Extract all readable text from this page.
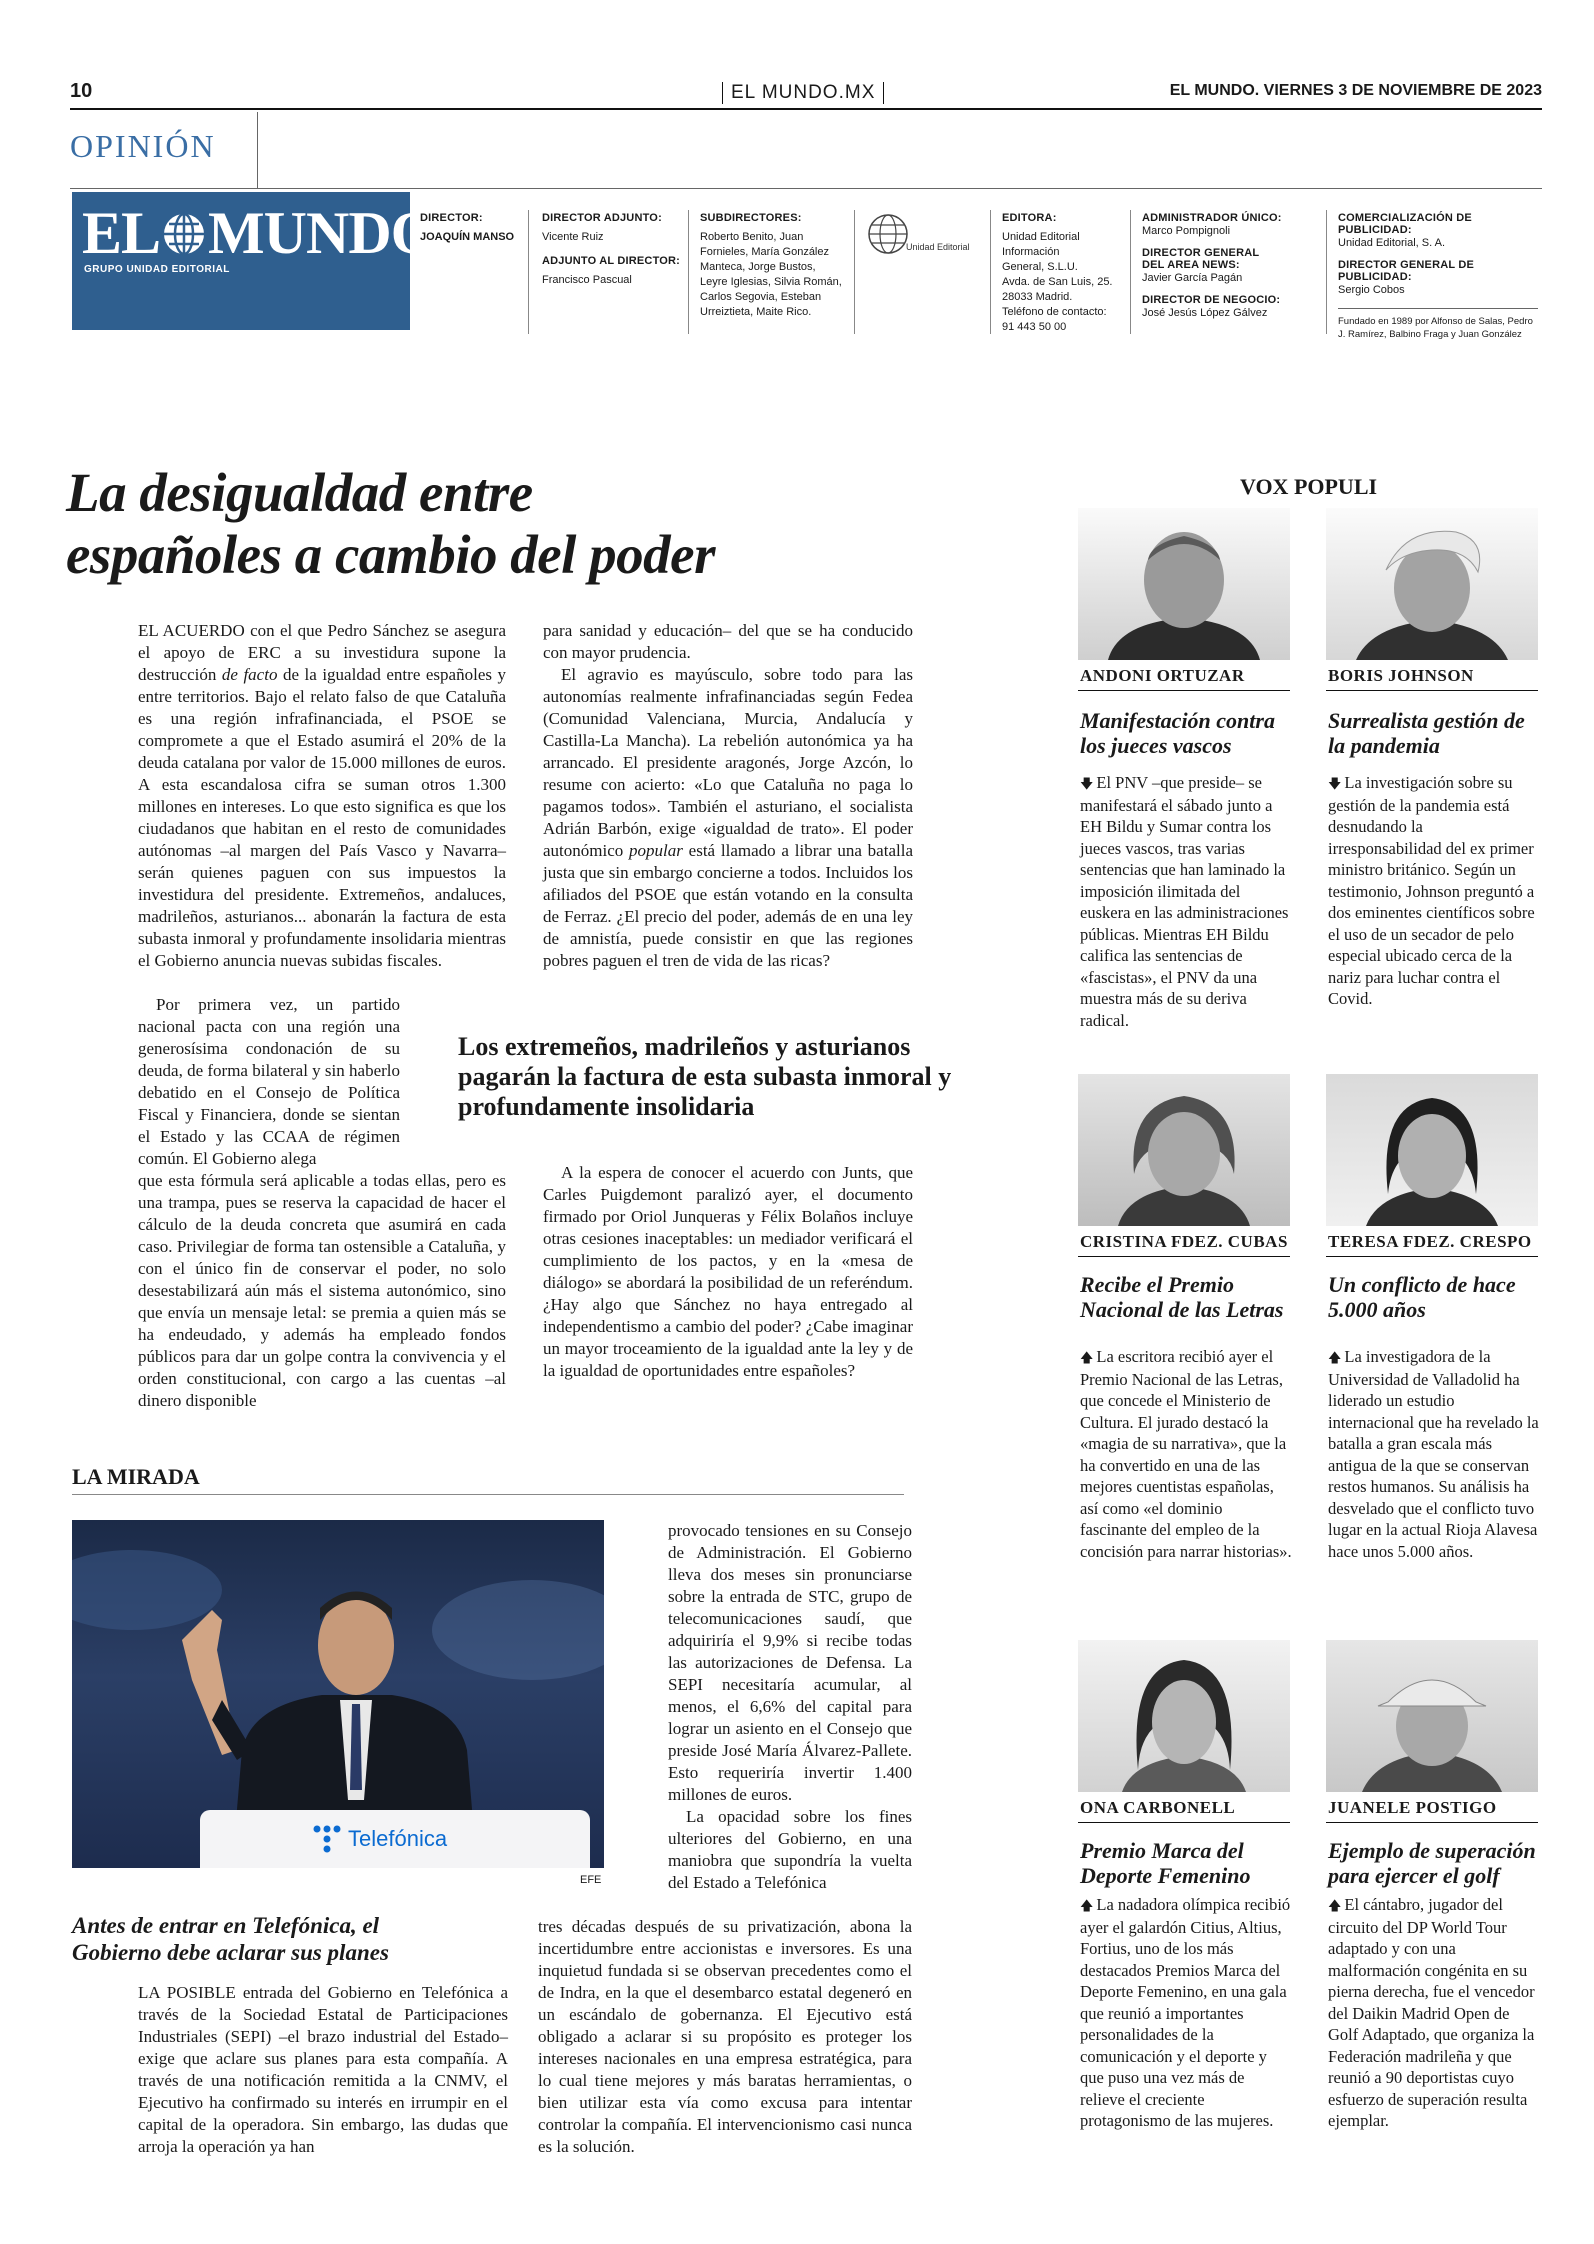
10	EL MUNDO.MX	EL MUNDO. VIERNES 3 DE NOVIEMBRE DE 2023
OPINIÓN
EL MUNDO
GRUPO UNIDAD EDITORIAL
DIRECTOR:
JOAQUÍN MANSO
DIRECTOR ADJUNTO:
Vicente Ruiz
ADJUNTO AL DIRECTOR:
Francisco Pascual
SUBDIRECTORES:
Roberto Benito, Juan
Fornieles, María González
Manteca, Jorge Bustos,
Leyre Iglesias, Silvia Román,
Carlos Segovia, Esteban
Urreiztieta, Maite Rico.
Unidad Editorial
EDITORA:
Unidad Editorial
Información
General, S.L.U.
Avda. de San Luis, 25.
28033 Madrid.
Teléfono de contacto:
91 443 50 00
ADMINISTRADOR ÚNICO:
Marco Pompignoli
DIRECTOR GENERAL
DEL AREA NEWS:
Javier García Pagán
DIRECTOR DE NEGOCIO:
José Jesús López Gálvez
COMERCIALIZACIÓN DE PUBLICIDAD:
Unidad Editorial, S. A.
DIRECTOR GENERAL DE PUBLICIDAD:
Sergio Cobos
Fundado en 1989 por Alfonso de Salas, Pedro
J. Ramírez, Balbino Fraga y Juan González
La desigualdad entre
españoles a cambio del poder

EL ACUERDO con el que Pedro Sánchez se asegura el apoyo de ERC a su investidura supone la destrucción de facto de la igualdad entre españoles y entre territorios. Bajo el relato falso de que Cataluña es una región infrafinanciada, el PSOE se compromete a que el Estado asumirá el 20% de la deuda catalana por valor de 15.000 millones de euros. A esta escandalosa cifra se suman otros 1.300 millones en intereses. Lo que esto significa es que los ciudadanos que habitan en el resto de comunidades autónomas –al margen del País Vasco y Navarra– serán quienes paguen con sus impuestos la investidura del presidente. Extremeños, andaluces, madrileños, asturianos... abonarán la factura de esta subasta inmoral y profundamente insolidaria mientras el Gobierno anuncia nuevas subidas fiscales.

Por primera vez, un partido nacional pacta con una región una generosísima condonación de su deuda, de forma bilateral y sin haberlo debatido en el Consejo de Política Fiscal y Financiera, donde se sientan el Estado y las CCAA de régimen común. El Gobierno alega

que esta fórmula será aplicable a todas ellas, pero es una trampa, pues se reserva la capacidad de hacer el cálculo de la deuda concreta que asumirá en cada caso. Privilegiar de forma tan ostensible a Cataluña, y con el único fin de conservar el poder, no solo desestabilizará aún más el sistema autonómico, sino que envía un mensaje letal: se premia a quien más se ha endeudado, y además ha empleado fondos públicos para dar un golpe contra la convivencia y el orden constitucional, con cargo a las cuentas –al dinero disponible

para sanidad y educación– del que se ha conducido con mayor prudencia.

El agravio es mayúsculo, sobre todo para las autonomías realmente infrafinanciadas según Fedea (Comunidad Valenciana, Murcia, Andalucía y Castilla-La Mancha). La rebelión autonómica ya ha arrancado. El presidente aragonés, Jorge Azcón, lo resume con acierto: «Lo que Cataluña no paga lo pagamos todos». También el asturiano, el socialista Adrián Barbón, exige «igualdad de trato». El poder autonómico popular está llamado a librar una batalla justa que sin embargo concierne a todos. Incluidos los afiliados del PSOE que están votando en la consulta de Ferraz. ¿El precio del poder, además de en una ley de amnistía, puede consistir en que las regiones pobres paguen el tren de vida de las ricas?

Los extremeños, madrileños y asturianos pagarán la factura de esta subasta inmoral y profundamente insolidaria

A la espera de conocer el acuerdo con Junts, que Carles Puigdemont paralizó ayer, el documento firmado por Oriol Junqueras y Félix Bolaños incluye otras cesiones inaceptables: un mediador verificará el cumplimiento de los pactos, y en la «mesa de diálogo» se abordará la posibilidad de un referéndum. ¿Hay algo que Sánchez no haya entregado al independentismo a cambio del poder? ¿Cabe imaginar un mayor troceamiento de la igualdad ante la ley y de la igualdad de oportunidades entre españoles?

LA MIRADA
Telefónica
EFE
Antes de entrar en Telefónica, el
Gobierno debe aclarar sus planes

LA POSIBLE entrada del Gobierno en Telefónica a través de la Sociedad Estatal de Participaciones Industriales (SEPI) –el brazo industrial del Estado– exige que aclare sus planes para esta compañía. A través de una notificación remitida a la CNMV, el Ejecutivo ha confirmado su interés en irrumpir en el capital de la operadora. Sin embargo, las dudas que arroja la operación ya han

provocado tensiones en su Consejo de Administración. El Gobierno lleva dos meses sin pronunciarse sobre la entrada de STC, grupo de telecomunicaciones saudí, que adquiriría el 9,9% si recibe todas las autorizaciones de Defensa. La SEPI necesitaría acumular, al menos, el 6,6% del capital para lograr un asiento en el Consejo que preside José María Álvarez-Pallete. Esto requeriría invertir 1.400 millones de euros.

La opacidad sobre los fines ulteriores del Gobierno, en una maniobra que supondría la vuelta del Estado a Telefónica

tres décadas después de su privatización, abona la incertidumbre entre accionistas e inversores. Es una inquietud fundada si se observan precedentes como el de Indra, en la que el desembarco estatal degeneró en un escándalo de gobernanza. El Ejecutivo está obligado a aclarar si su propósito es proteger los intereses nacionales en una empresa estratégica, para lo cual tiene mejores y más baratas herramientas, o bien utilizar esta vía como excusa para intentar controlar la compañía. El intervencionismo casi nunca es la solución.

VOX POPULI
ANDONI ORTUZAR
Manifestación contra los jueces vascos
🡇 El PNV –que preside– se manifestará el sábado junto a EH Bildu y Sumar contra los jueces vascos, tras varias sentencias que han laminado la imposición ilimitada del euskera en las administraciones públicas. Mientras EH Bildu califica las sentencias de «fascistas», el PNV da una muestra más de su deriva radical.
BORIS JOHNSON
Surrealista gestión de la pandemia
🡇 La investigación sobre su gestión de la pandemia está desnudando la irresponsabilidad del ex primer ministro británico. Según un testimonio, Johnson preguntó a dos eminentes científicos sobre el uso de un secador de pelo especial ubicado cerca de la nariz para luchar contra el Covid.
CRISTINA FDEZ. CUBAS
Recibe el Premio Nacional de las Letras
🡅 La escritora recibió ayer el Premio Nacional de las Letras, que concede el Ministerio de Cultura. El jurado destacó la «magia de su narrativa», que la ha convertido en una de las mejores cuentistas españolas, así como «el dominio fascinante del empleo de la concisión para narrar historias».
TERESA FDEZ. CRESPO
Un conflicto de hace 5.000 años
🡅 La investigadora de la Universidad de Valladolid ha liderado un estudio internacional que ha revelado la batalla a gran escala más antigua de la que se conservan restos humanos. Su análisis ha desvelado que el conflicto tuvo lugar en la actual Rioja Alavesa hace unos 5.000 años.
ONA CARBONELL
Premio Marca del Deporte Femenino
🡅 La nadadora olímpica recibió ayer el galardón Citius, Altius, Fortius, uno de los más destacados Premios Marca del Deporte Femenino, en una gala que reunió a importantes personalidades de la comunicación y el deporte y que puso una vez más de relieve el creciente protagonismo de las mujeres.
JUANELE POSTIGO
Ejemplo de superación para ejercer el golf
🡅 El cántabro, jugador del circuito del DP World Tour adaptado y con una malformación congénita en su pierna derecha, fue el vencedor del Daikin Madrid Open de Golf Adaptado, que organiza la Federación madrileña y que reunió a 90 deportistas cuyo esfuerzo de superación resulta ejemplar.
